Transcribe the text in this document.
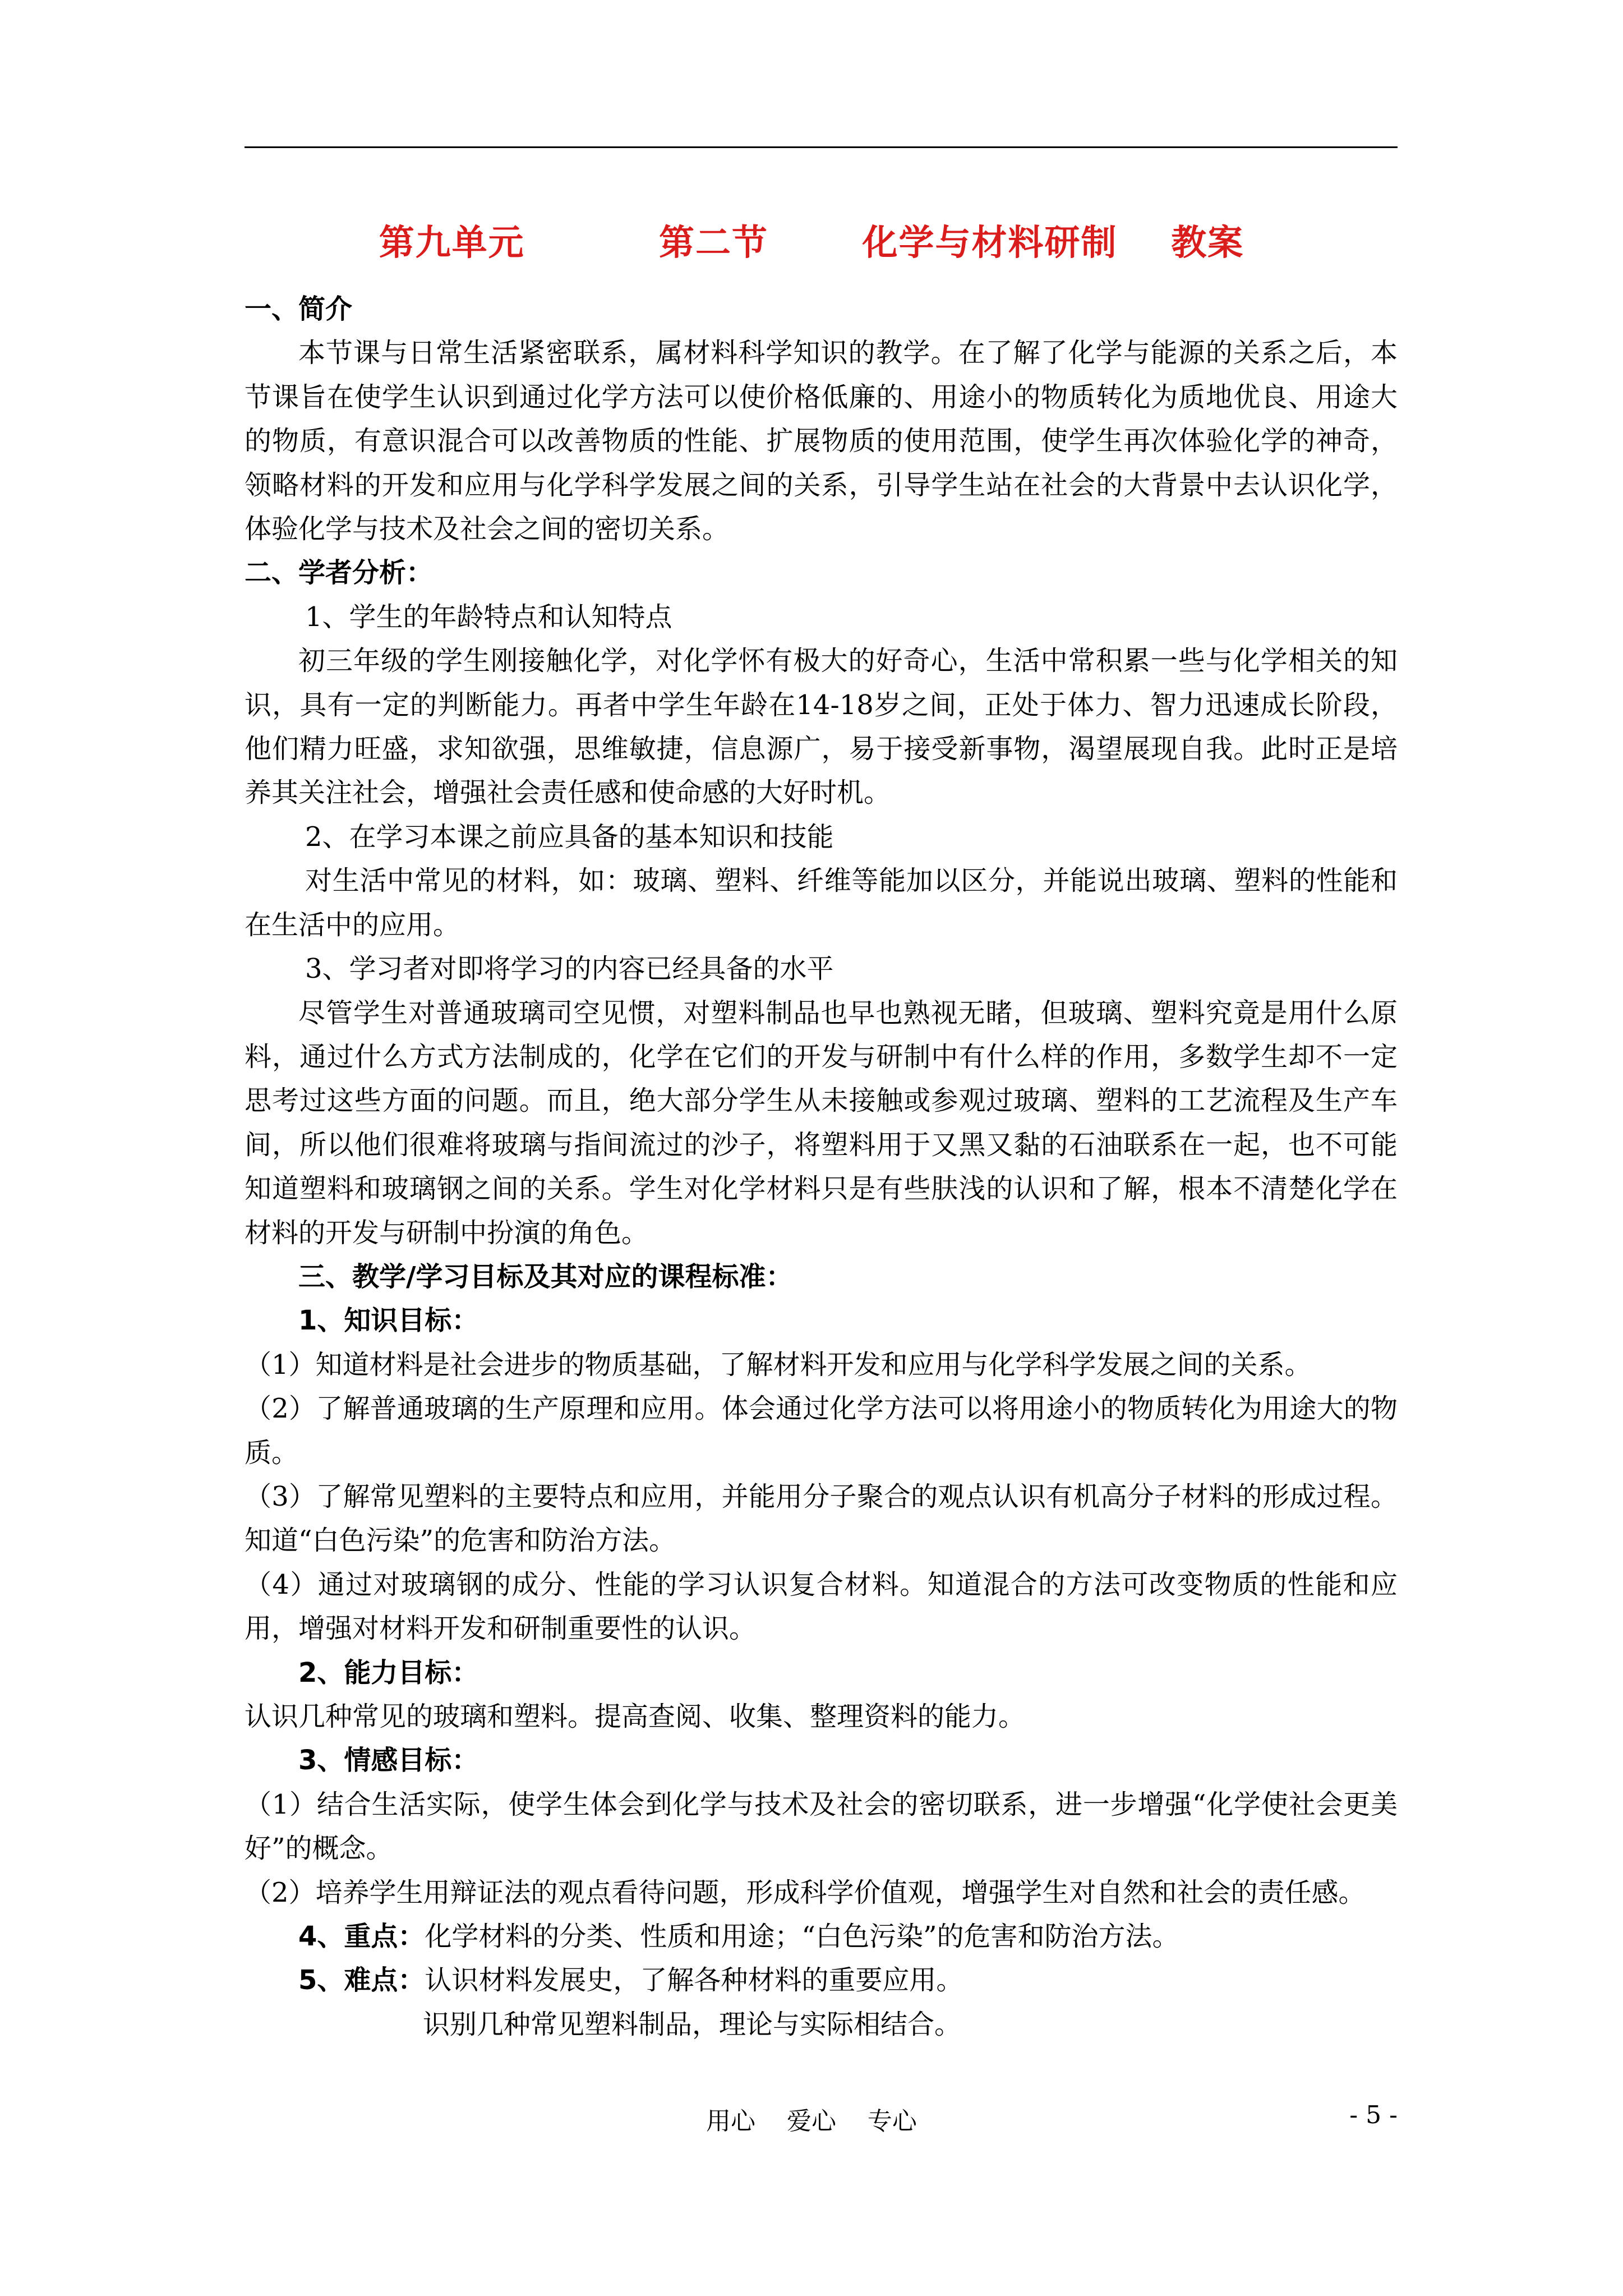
第九单元          第二节       化学与材料研制    教案

一、简介

本节课与日常生活紧密联系，属材料科学知识的教学。在了解了化学与能源的关系之后，本节课旨在使学生认识到通过化学方法可以使价格低廉的、用途小的物质转化为质地优良、用途大的物质，有意识混合可以改善物质的性能、扩展物质的使用范围，使学生再次体验化学的神奇，领略材料的开发和应用与化学科学发展之间的关系，引导学生站在社会的大背景中去认识化学，体验化学与技术及社会之间的密切关系。

二、学者分析：

1、学生的年龄特点和认知特点

初三年级的学生刚接触化学，对化学怀有极大的好奇心，生活中常积累一些与化学相关的知识，具有一定的判断能力。再者中学生年龄在14-18岁之间，正处于体力、智力迅速成长阶段，他们精力旺盛，求知欲强，思维敏捷，信息源广，易于接受新事物，渴望展现自我。此时正是培养其关注社会，增强社会责任感和使命感的大好时机。

2、在学习本课之前应具备的基本知识和技能

对生活中常见的材料，如：玻璃、塑料、纤维等能加以区分，并能说出玻璃、塑料的性能和在生活中的应用。

3、学习者对即将学习的内容已经具备的水平

尽管学生对普通玻璃司空见惯，对塑料制品也早也熟视无睹，但玻璃、塑料究竟是用什么原料，通过什么方式方法制成的，化学在它们的开发与研制中有什么样的作用，多数学生却不一定思考过这些方面的问题。而且，绝大部分学生从未接触或参观过玻璃、塑料的工艺流程及生产车间，所以他们很难将玻璃与指间流过的沙子，将塑料用于又黑又黏的石油联系在一起，也不可能知道塑料和玻璃钢之间的关系。学生对化学材料只是有些肤浅的认识和了解，根本不清楚化学在材料的开发与研制中扮演的角色。

三、教学/学习目标及其对应的课程标准：

1、知识目标：

（1）知道材料是社会进步的物质基础，了解材料开发和应用与化学科学发展之间的关系。

（2）了解普通玻璃的生产原理和应用。体会通过化学方法可以将用途小的物质转化为用途大的物质。

（3）了解常见塑料的主要特点和应用，并能用分子聚合的观点认识有机高分子材料的形成过程。知道“白色污染”的危害和防治方法。

（4）通过对玻璃钢的成分、性能的学习认识复合材料。知道混合的方法可改变物质的性能和应用，增强对材料开发和研制重要性的认识。

2、能力目标：

认识几种常见的玻璃和塑料。提高查阅、收集、整理资料的能力。

3、情感目标：

（1）结合生活实际，使学生体会到化学与技术及社会的密切联系，进一步增强“化学使社会更美好”的概念。

（2）培养学生用辩证法的观点看待问题，形成科学价值观，增强学生对自然和社会的责任感。

4、重点：化学材料的分类、性质和用途；“白色污染”的危害和防治方法。

5、难点：认识材料发展史，了解各种材料的重要应用。

识别几种常见塑料制品，理论与实际相结合。

用心    爱心    专心	- 5 -
